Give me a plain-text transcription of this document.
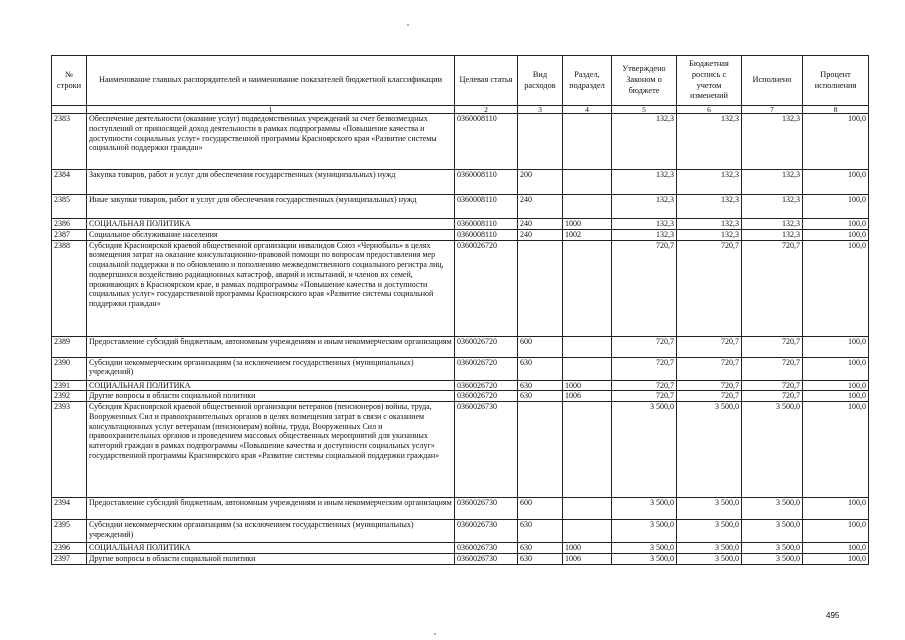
№ строки	Наименование главных распорядителей и наименование показателей бюджетной классификации	Целевая статья	Вид расходов	Раздел, подраздел	Утверждено Законом о бюджете	Бюджетная роспись с учетом изменений	Исполнено	Процент исполнения
	1	2	3	4	5	6	7	8
2383	Обеспечение деятельности (оказание услуг) подведомственных учреждений за счет безвозмездных поступлений от приносящей доход деятельности в рамках подпрограммы «Повышение качества и доступности социальных услуг» государственной программы Красноярского края «Развитие системы социальной поддержки граждан»	0360008110			132,3	132,3	132,3	100,0
2384	Закупка товаров, работ и услуг для обеспечения государственных (муниципальных) нужд	0360008110	200		132,3	132,3	132,3	100,0
2385	Иные закупки товаров, работ и услуг для обеспечения государственных (муниципальных) нужд	0360008110	240		132,3	132,3	132,3	100,0
2386	СОЦИАЛЬНАЯ ПОЛИТИКА	0360008110	240	1000	132,3	132,3	132,3	100,0
2387	Социальное обслуживание населения	0360008110	240	1002	132,3	132,3	132,3	100,0
2388	Субсидия Красноярской краевой общественной организации инвалидов Союз «Чернобыль» в целях возмещения затрат на оказание консультационно-правовой помощи по вопросам предоставления мер социальной поддержки и по обновлению и пополнению межведомственного социального регистра лиц, подвергшихся воздействию радиационных катастроф, аварий и испытаний, и членов их семей, проживающих в Красноярском крае, в рамках подпрограммы «Повышение качества и доступности социальных услуг» государственной программы Красноярского края «Развитие системы социальной поддержки граждан»	0360026720			720,7	720,7	720,7	100,0
2389	Предоставление субсидий бюджетным, автономным учреждениям и иным некоммерческим организациям	0360026720	600		720,7	720,7	720,7	100,0
2390	Субсидии некоммерческим организациям (за исключением государственных (муниципальных) учреждений)	0360026720	630		720,7	720,7	720,7	100,0
2391	СОЦИАЛЬНАЯ ПОЛИТИКА	0360026720	630	1000	720,7	720,7	720,7	100,0
2392	Другие вопросы в области социальной политики	0360026720	630	1006	720,7	720,7	720,7	100,0
2393	Субсидия Красноярской краевой общественной организации ветеранов (пенсионеров) войны, труда, Вооруженных Сил и правоохранительных органов в целях возмещения затрат в связи с оказанием консультационных услуг ветеранам (пенсионерам) войны, труда, Вооруженных Сил и правоохранительных органов и проведением массовых общественных мероприятий для указанных категорий граждан в рамках подпрограммы «Повышение качества и доступности социальных услуг» государственной программы Красноярского края «Развитие системы социальной поддержки граждан»	0360026730			3 500,0	3 500,0	3 500,0	100,0
2394	Предоставление субсидий бюджетным, автономным учреждениям и иным некоммерческим организациям	0360026730	600		3 500,0	3 500,0	3 500,0	100,0
2395	Субсидии некоммерческим организациям (за исключением государственных (муниципальных) учреждений)	0360026730	630		3 500,0	3 500,0	3 500,0	100,0
2396	СОЦИАЛЬНАЯ ПОЛИТИКА	0360026730	630	1000	3 500,0	3 500,0	3 500,0	100,0
2397	Другие вопросы в области социальной политики	0360026730	630	1006	3 500,0	3 500,0	3 500,0	100,0
495
